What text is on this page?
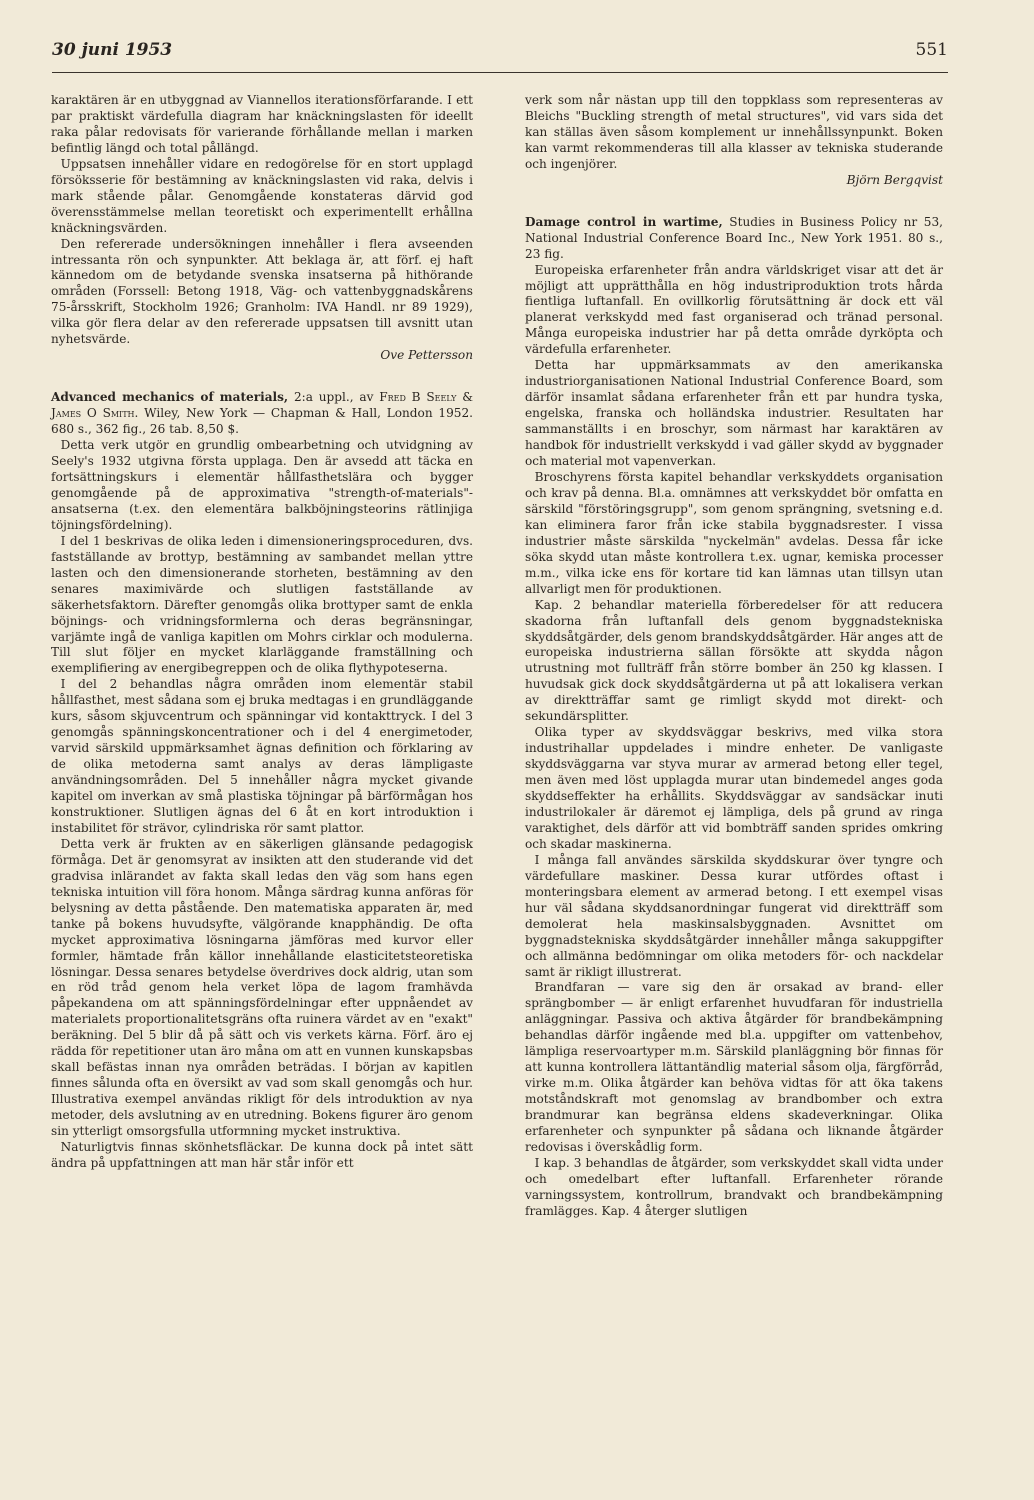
30 juni 1953	551

karaktären är en utbyggnad av Viannellos iterationsförfarande. I ett par praktiskt värdefulla diagram har knäckningslasten för ideellt raka pålar redovisats för varierande förhållande mellan i marken befintlig längd och total pållängd.

Uppsatsen innehåller vidare en redogörelse för en stort upplagd försöksserie för bestämning av knäckningslasten vid raka, delvis i mark stående pålar. Genomgående konstateras därvid god överensstämmelse mellan teoretiskt och experimentellt erhållna knäckningsvärden.

Den refererade undersökningen innehåller i flera avseenden intressanta rön och synpunkter. Att beklaga är, att förf. ej haft kännedom om de betydande svenska insatserna på hithörande områden (Forssell: Betong 1918, Väg- och vattenbyggnadskårens 75-årsskrift, Stockholm 1926; Granholm: IVA Handl. nr 89 1929), vilka gör flera delar av den refererade uppsatsen till avsnitt utan nyhetsvärde.

Ove Pettersson

Advanced mechanics of materials, 2:a uppl., av Fred B Seely & James O Smith. Wiley, New York — Chapman & Hall, London 1952. 680 s., 362 fig., 26 tab. 8,50 $.

Detta verk utgör en grundlig ombearbetning och utvidgning av Seely's 1932 utgivna första upplaga. Den är avsedd att täcka en fortsättningskurs i elementär hållfasthetslära och bygger genomgående på de approximativa "strength-of-materials"-ansatserna (t.ex. den elementära balkböjningsteorins rätlinjiga töjningsfördelning).

I del 1 beskrivas de olika leden i dimensioneringsproceduren, dvs. fastställande av brottyp, bestämning av sambandet mellan yttre lasten och den dimensionerande storheten, bestämning av den senares maximivärde och slutligen fastställande av säkerhetsfaktorn. Därefter genomgås olika brottyper samt de enkla böjnings- och vridningsformlerna och deras begränsningar, varjämte ingå de vanliga kapitlen om Mohrs cirklar och modulerna. Till slut följer en mycket klarläggande framställning och exemplifiering av energibegreppen och de olika flythypoteserna.

I del 2 behandlas några områden inom elementär stabil hållfasthet, mest sådana som ej bruka medtagas i en grundläggande kurs, såsom skjuvcentrum och spänningar vid kontakttryck. I del 3 genomgås spänningskoncentrationer och i del 4 energimetoder, varvid särskild uppmärksamhet ägnas definition och förklaring av de olika metoderna samt analys av deras lämpligaste användningsområden. Del 5 innehåller några mycket givande kapitel om inverkan av små plastiska töjningar på bärförmågan hos konstruktioner. Slutligen ägnas del 6 åt en kort introduktion i instabilitet för strävor, cylindriska rör samt plattor.

Detta verk är frukten av en säkerligen glänsande pedagogisk förmåga. Det är genomsyrat av insikten att den studerande vid det gradvisa inlärandet av fakta skall ledas den väg som hans egen tekniska intuition vill föra honom. Många särdrag kunna anföras för belysning av detta påstående. Den matematiska apparaten är, med tanke på bokens huvudsyfte, välgörande knapphändig. De ofta mycket approximativa lösningarna jämföras med kurvor eller formler, hämtade från källor innehållande elasticitetsteoretiska lösningar. Dessa senares betydelse överdrives dock aldrig, utan som en röd tråd genom hela verket löpa de lagom framhävda påpekandena om att spänningsfördelningar efter uppnåendet av materialets proportionalitetsgräns ofta ruinera värdet av en "exakt" beräkning. Del 5 blir då på sätt och vis verkets kärna. Förf. äro ej rädda för repetitioner utan äro måna om att en vunnen kunskapsbas skall befästas innan nya områden beträdas. I början av kapitlen finnes sålunda ofta en översikt av vad som skall genomgås och hur. Illustrativa exempel användas rikligt för dels introduktion av nya metoder, dels avslutning av en utredning. Bokens figurer äro genom sin ytterligt omsorgsfulla utformning mycket instruktiva.

Naturligtvis finnas skönhetsfläckar. De kunna dock på intet sätt ändra på uppfattningen att man här står inför ett

verk som når nästan upp till den toppklass som representeras av Bleichs "Buckling strength of metal structures", vid vars sida det kan ställas även såsom komplement ur innehållssynpunkt. Boken kan varmt rekommenderas till alla klasser av tekniska studerande och ingenjörer.

Björn Bergqvist

Damage control in wartime, Studies in Business Policy nr 53, National Industrial Conference Board Inc., New York 1951. 80 s., 23 fig.

Europeiska erfarenheter från andra världskriget visar att det är möjligt att upprätthålla en hög industriproduktion trots hårda fientliga luftanfall. En ovillkorlig förutsättning är dock ett väl planerat verkskydd med fast organiserad och tränad personal. Många europeiska industrier har på detta område dyrköpta och värdefulla erfarenheter.

Detta har uppmärksammats av den amerikanska industriorganisationen National Industrial Conference Board, som därför insamlat sådana erfarenheter från ett par hundra tyska, engelska, franska och holländska industrier. Resultaten har sammanställts i en broschyr, som närmast har karaktären av handbok för industriellt verkskydd i vad gäller skydd av byggnader och material mot vapenverkan.

Broschyrens första kapitel behandlar verkskyddets organisation och krav på denna. Bl.a. omnämnes att verkskyddet bör omfatta en särskild "förstöringsgrupp", som genom sprängning, svetsning e.d. kan eliminera faror från icke stabila byggnadsrester. I vissa industrier måste särskilda "nyckelmän" avdelas. Dessa får icke söka skydd utan måste kontrollera t.ex. ugnar, kemiska processer m.m., vilka icke ens för kortare tid kan lämnas utan tillsyn utan allvarligt men för produktionen.

Kap. 2 behandlar materiella förberedelser för att reducera skadorna från luftanfall dels genom byggnadstekniska skyddsåtgärder, dels genom brandskyddsåtgärder. Här anges att de europeiska industrierna sällan försökte att skydda någon utrustning mot fullträff från större bomber än 250 kg klassen. I huvudsak gick dock skyddsåtgärderna ut på att lokalisera verkan av direktträffar samt ge rimligt skydd mot direkt- och sekundärsplitter.

Olika typer av skyddsväggar beskrivs, med vilka stora industrihallar uppdelades i mindre enheter. De vanligaste skyddsväggarna var styva murar av armerad betong eller tegel, men även med löst upplagda murar utan bindemedel anges goda skyddseffekter ha erhållits. Skyddsväggar av sandsäckar inuti industrilokaler är däremot ej lämpliga, dels på grund av ringa varaktighet, dels därför att vid bombträff sanden sprides omkring och skadar maskinerna.

I många fall användes särskilda skyddskurar över tyngre och värdefullare maskiner. Dessa kurar utfördes oftast i monteringsbara element av armerad betong. I ett exempel visas hur väl sådana skyddsanordningar fungerat vid direktträff som demolerat hela maskinsalsbyggnaden. Avsnittet om byggnadstekniska skyddsåtgärder innehåller många sakuppgifter och allmänna bedömningar om olika metoders för- och nackdelar samt är rikligt illustrerat.

Brandfaran — vare sig den är orsakad av brand- eller sprängbomber — är enligt erfarenhet huvudfaran för industriella anläggningar. Passiva och aktiva åtgärder för brandbekämpning behandlas därför ingående med bl.a. uppgifter om vattenbehov, lämpliga reservoartyper m.m. Särskild planläggning bör finnas för att kunna kontrollera lättantändlig material såsom olja, färgförråd, virke m.m. Olika åtgärder kan behöva vidtas för att öka takens motståndskraft mot genomslag av brandbomber och extra brandmurar kan begränsa eldens skadeverkningar. Olika erfarenheter och synpunkter på sådana och liknande åtgärder redovisas i överskådlig form.

I kap. 3 behandlas de åtgärder, som verkskyddet skall vidta under och omedelbart efter luftanfall. Erfarenheter rörande varningssystem, kontrollrum, brandvakt och brandbekämpning framlägges. Kap. 4 återger slutligen
